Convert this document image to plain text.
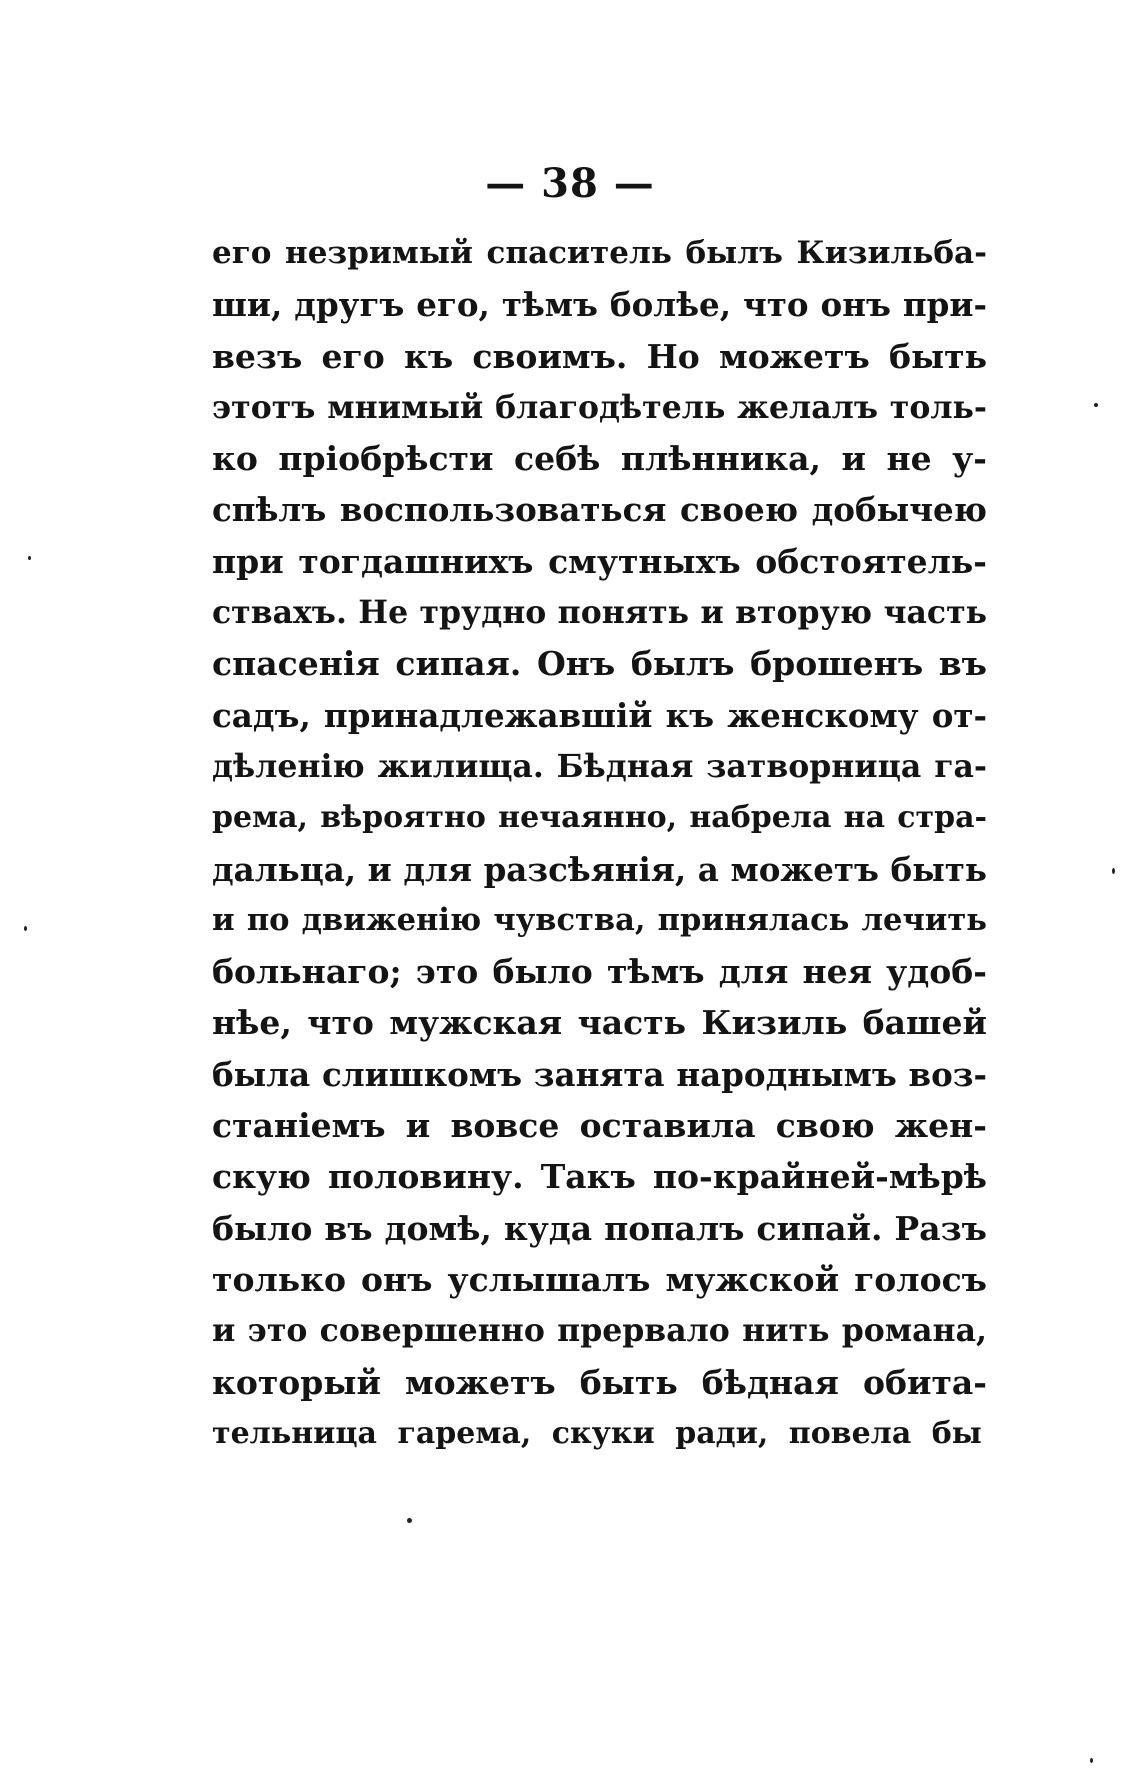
— 38 —
его незримый спаситель былъ Кизильба-
ши, другъ его, тѣмъ болѣе, что онъ при-
везъ его къ своимъ. Но можетъ быть
этотъ мнимый благодѣтель желалъ толь-
ко пріобрѣсти себѣ плѣнника, и не у-
спѣлъ воспользоваться своею добычею
при тогдашнихъ смутныхъ обстоятель-
ствахъ. Не трудно понять и вторую часть
спасенія сипая. Онъ былъ брошенъ въ
садъ, принадлежавшій къ женскому от-
дѣленію жилища. Бѣдная затворница га-
рема, вѣроятно нечаянно, набрела на стра-
дальца, и для разсѣянія, а можетъ быть
и по движенію чувства, принялась лечить
больнаго; это было тѣмъ для нея удоб-
нѣе, что мужская часть Кизиль башей
была слишкомъ занята народнымъ воз-
станіемъ и вовсе оставила свою жен-
скую половину. Такъ по-крайней-мѣрѣ
было въ домѣ, куда попалъ сипай. Разъ
только онъ услышалъ мужской голосъ
и это совершенно прервало нить романа,
который можетъ быть бѣдная обита-
тельница гарема, скуки ради, повела бы
